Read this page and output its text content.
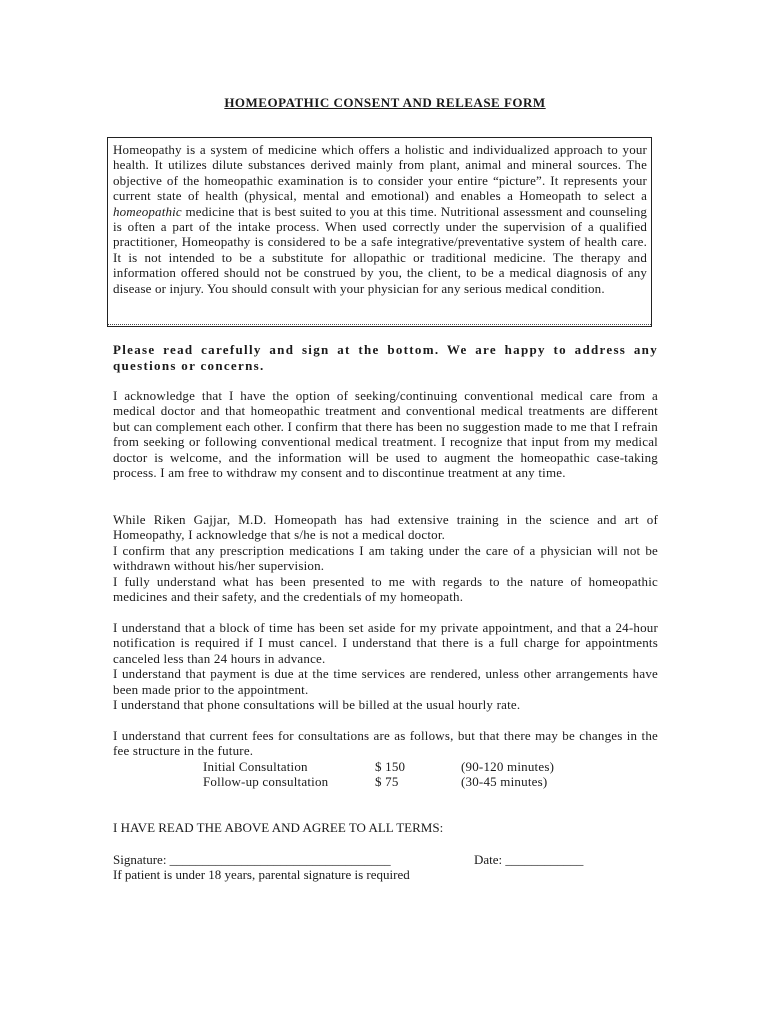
HOMEOPATHIC CONSENT AND RELEASE FORM
Homeopathy is a system of medicine which offers a holistic and individualized approach to your health. It utilizes dilute substances derived mainly from plant, animal and mineral sources. The objective of the homeopathic examination is to consider your entire “picture”. It represents your current state of health (physical, mental and emotional) and enables a Homeopath to select a homeopathic medicine that is best suited to you at this time. Nutritional assessment and counseling is often a part of the intake process. When used correctly under the supervision of a qualified practitioner, Homeopathy is considered to be a safe integrative/preventative system of health care. It is not intended to be a substitute for allopathic or traditional medicine. The therapy and information offered should not be construed by you, the client, to be a medical diagnosis of any disease or injury. You should consult with your physician for any serious medical condition.
Please read carefully and sign at the bottom. We are happy to address any questions or concerns.

I acknowledge that I have the option of seeking/continuing conventional medical care from a medical doctor and that homeopathic treatment and conventional medical treatments are different but can complement each other. I confirm that there has been no suggestion made to me that I refrain from seeking or following conventional medical treatment. I recognize that input from my medical doctor is welcome, and the information will be used to augment the homeopathic case-taking process. I am free to withdraw my consent and to discontinue treatment at any time.

While Riken Gajjar, M.D. Homeopath has had extensive training in the science and art of Homeopathy, I acknowledge that s/he is not a medical doctor.

I confirm that any prescription medications I am taking under the care of a physician will not be withdrawn without his/her supervision.

I fully understand what has been presented to me with regards to the nature of homeopathic medicines and their safety, and the credentials of my homeopath.

I understand that a block of time has been set aside for my private appointment, and that a 24-hour notification is required if I must cancel. I understand that there is a full charge for appointments canceled less than 24 hours in advance.

I understand that payment is due at the time services are rendered, unless other arrangements have been made prior to the appointment.

I understand that phone consultations will be billed at the usual hourly rate.

I understand that current fees for consultations are as follows, but that there may be changes in the fee structure in the future.

Initial Consultation	$ 150	(90-120 minutes)
Follow-up consultation	$ 75	(30-45 minutes)
I HAVE READ THE ABOVE AND AGREE TO ALL TERMS:
Signature: __________________________________	Date: ____________
If patient is under 18 years, parental signature is required
